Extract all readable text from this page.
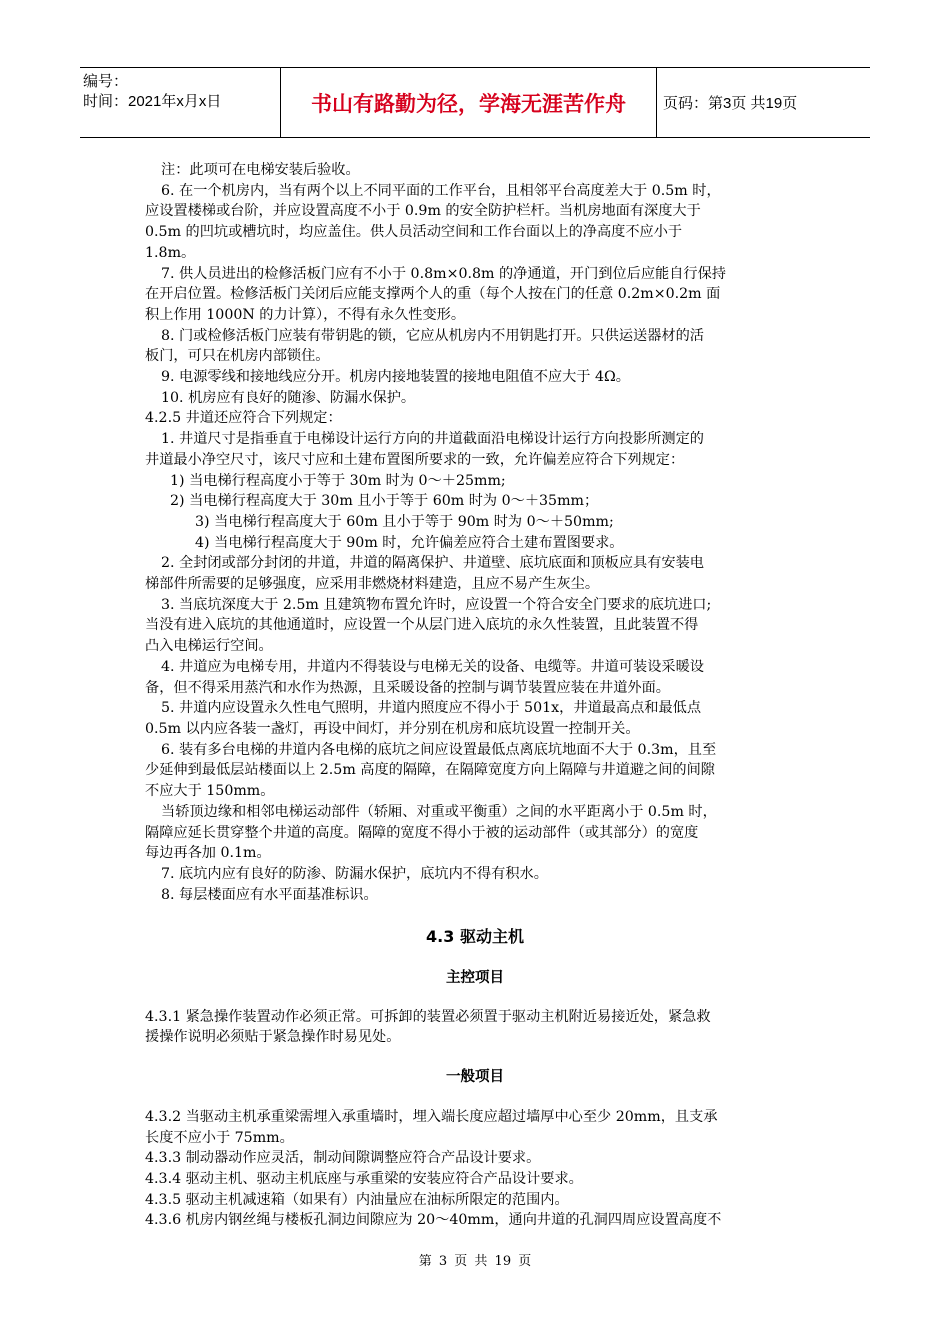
编号：
时间：2021年x月x日	书山有路勤为径，学海无涯苦作舟	页码：第3页 共19页
注：此项可在电梯安装后验收。
6. 在一个机房内，当有两个以上不同平面的工作平台，且相邻平台高度差大于 0.5m 时，
应设置楼梯或台阶，并应设置高度不小于 0.9m 的安全防护栏杆。当机房地面有深度大于
0.5m 的凹坑或槽坑时，均应盖住。供人员活动空间和工作台面以上的净高度不应小于
1.8m。
7. 供人员进出的检修活板门应有不小于 0.8m×0.8m 的净通道，开门到位后应能自行保持
在开启位置。检修活板门关闭后应能支撑两个人的重（每个人按在门的任意 0.2m×0.2m 面
积上作用 1000N 的力计算），不得有永久性变形。
8. 门或检修活板门应装有带钥匙的锁，它应从机房内不用钥匙打开。只供运送器材的活
板门，可只在机房内部锁住。
9. 电源零线和接地线应分开。机房内接地装置的接地电阻值不应大于 4Ω。
10. 机房应有良好的随渗、防漏水保护。
4.2.5 井道还应符合下列规定：
1. 井道尺寸是指垂直于电梯设计运行方向的井道截面沿电梯设计运行方向投影所测定的
井道最小净空尺寸，该尺寸应和土建布置图所要求的一致，允许偏差应符合下列规定：
1) 当电梯行程高度小于等于 30m 时为 0～＋25mm;
2) 当电梯行程高度大于 30m 且小于等于 60m 时为 0～＋35mm；
3) 当电梯行程高度大于 60m 且小于等于 90m 时为 0～＋50mm;
4) 当电梯行程高度大于 90m 时，允许偏差应符合土建布置图要求。
2. 全封闭或部分封闭的井道，井道的隔离保护、井道壁、底坑底面和顶板应具有安装电
梯部件所需要的足够强度，应采用非燃烧材料建造，且应不易产生灰尘。
3. 当底坑深度大于 2.5m 且建筑物布置允许时，应设置一个符合安全门要求的底坑进口;
当没有进入底坑的其他通道时，应设置一个从层门进入底坑的永久性装置，且此装置不得
凸入电梯运行空间。
4. 井道应为电梯专用，井道内不得装设与电梯无关的设备、电缆等。井道可装设采暖设
备，但不得采用蒸汽和水作为热源，且采暖设备的控制与调节装置应装在井道外面。
5. 井道内应设置永久性电气照明，井道内照度应不得小于 501x，井道最高点和最低点
0.5m 以内应各装一盏灯，再设中间灯，并分别在机房和底坑设置一控制开关。
6. 装有多台电梯的井道内各电梯的底坑之间应设置最低点离底坑地面不大于 0.3m，且至
少延伸到最低层站楼面以上 2.5m 高度的隔障，在隔障宽度方向上隔障与井道避之间的间隙
不应大于 150mm。
当轿顶边缘和相邻电梯运动部件（轿厢、对重或平衡重）之间的水平距离小于 0.5m 时，
隔障应延长贯穿整个井道的高度。隔障的宽度不得小于被的运动部件（或其部分）的宽度
每边再各加 0.1m。
7. 底坑内应有良好的防渗、防漏水保护，底坑内不得有积水。
8. 每层楼面应有水平面基准标识。
4.3 驱动主机
主控项目
4.3.1 紧急操作装置动作必须正常。可拆卸的装置必须置于驱动主机附近易接近处，紧急救
援操作说明必须贴于紧急操作时易见处。
一般项目
4.3.2 当驱动主机承重梁需埋入承重墙时，埋入端长度应超过墙厚中心至少 20mm，且支承
长度不应小于 75mm。
4.3.3 制动器动作应灵活，制动间隙调整应符合产品设计要求。
4.3.4 驱动主机、驱动主机底座与承重梁的安装应符合产品设计要求。
4.3.5 驱动主机减速箱（如果有）内油量应在油标所限定的范围内。
4.3.6 机房内钢丝绳与楼板孔洞边间隙应为 20～40mm，通向井道的孔洞四周应设置高度不
第 3 页 共 19 页
